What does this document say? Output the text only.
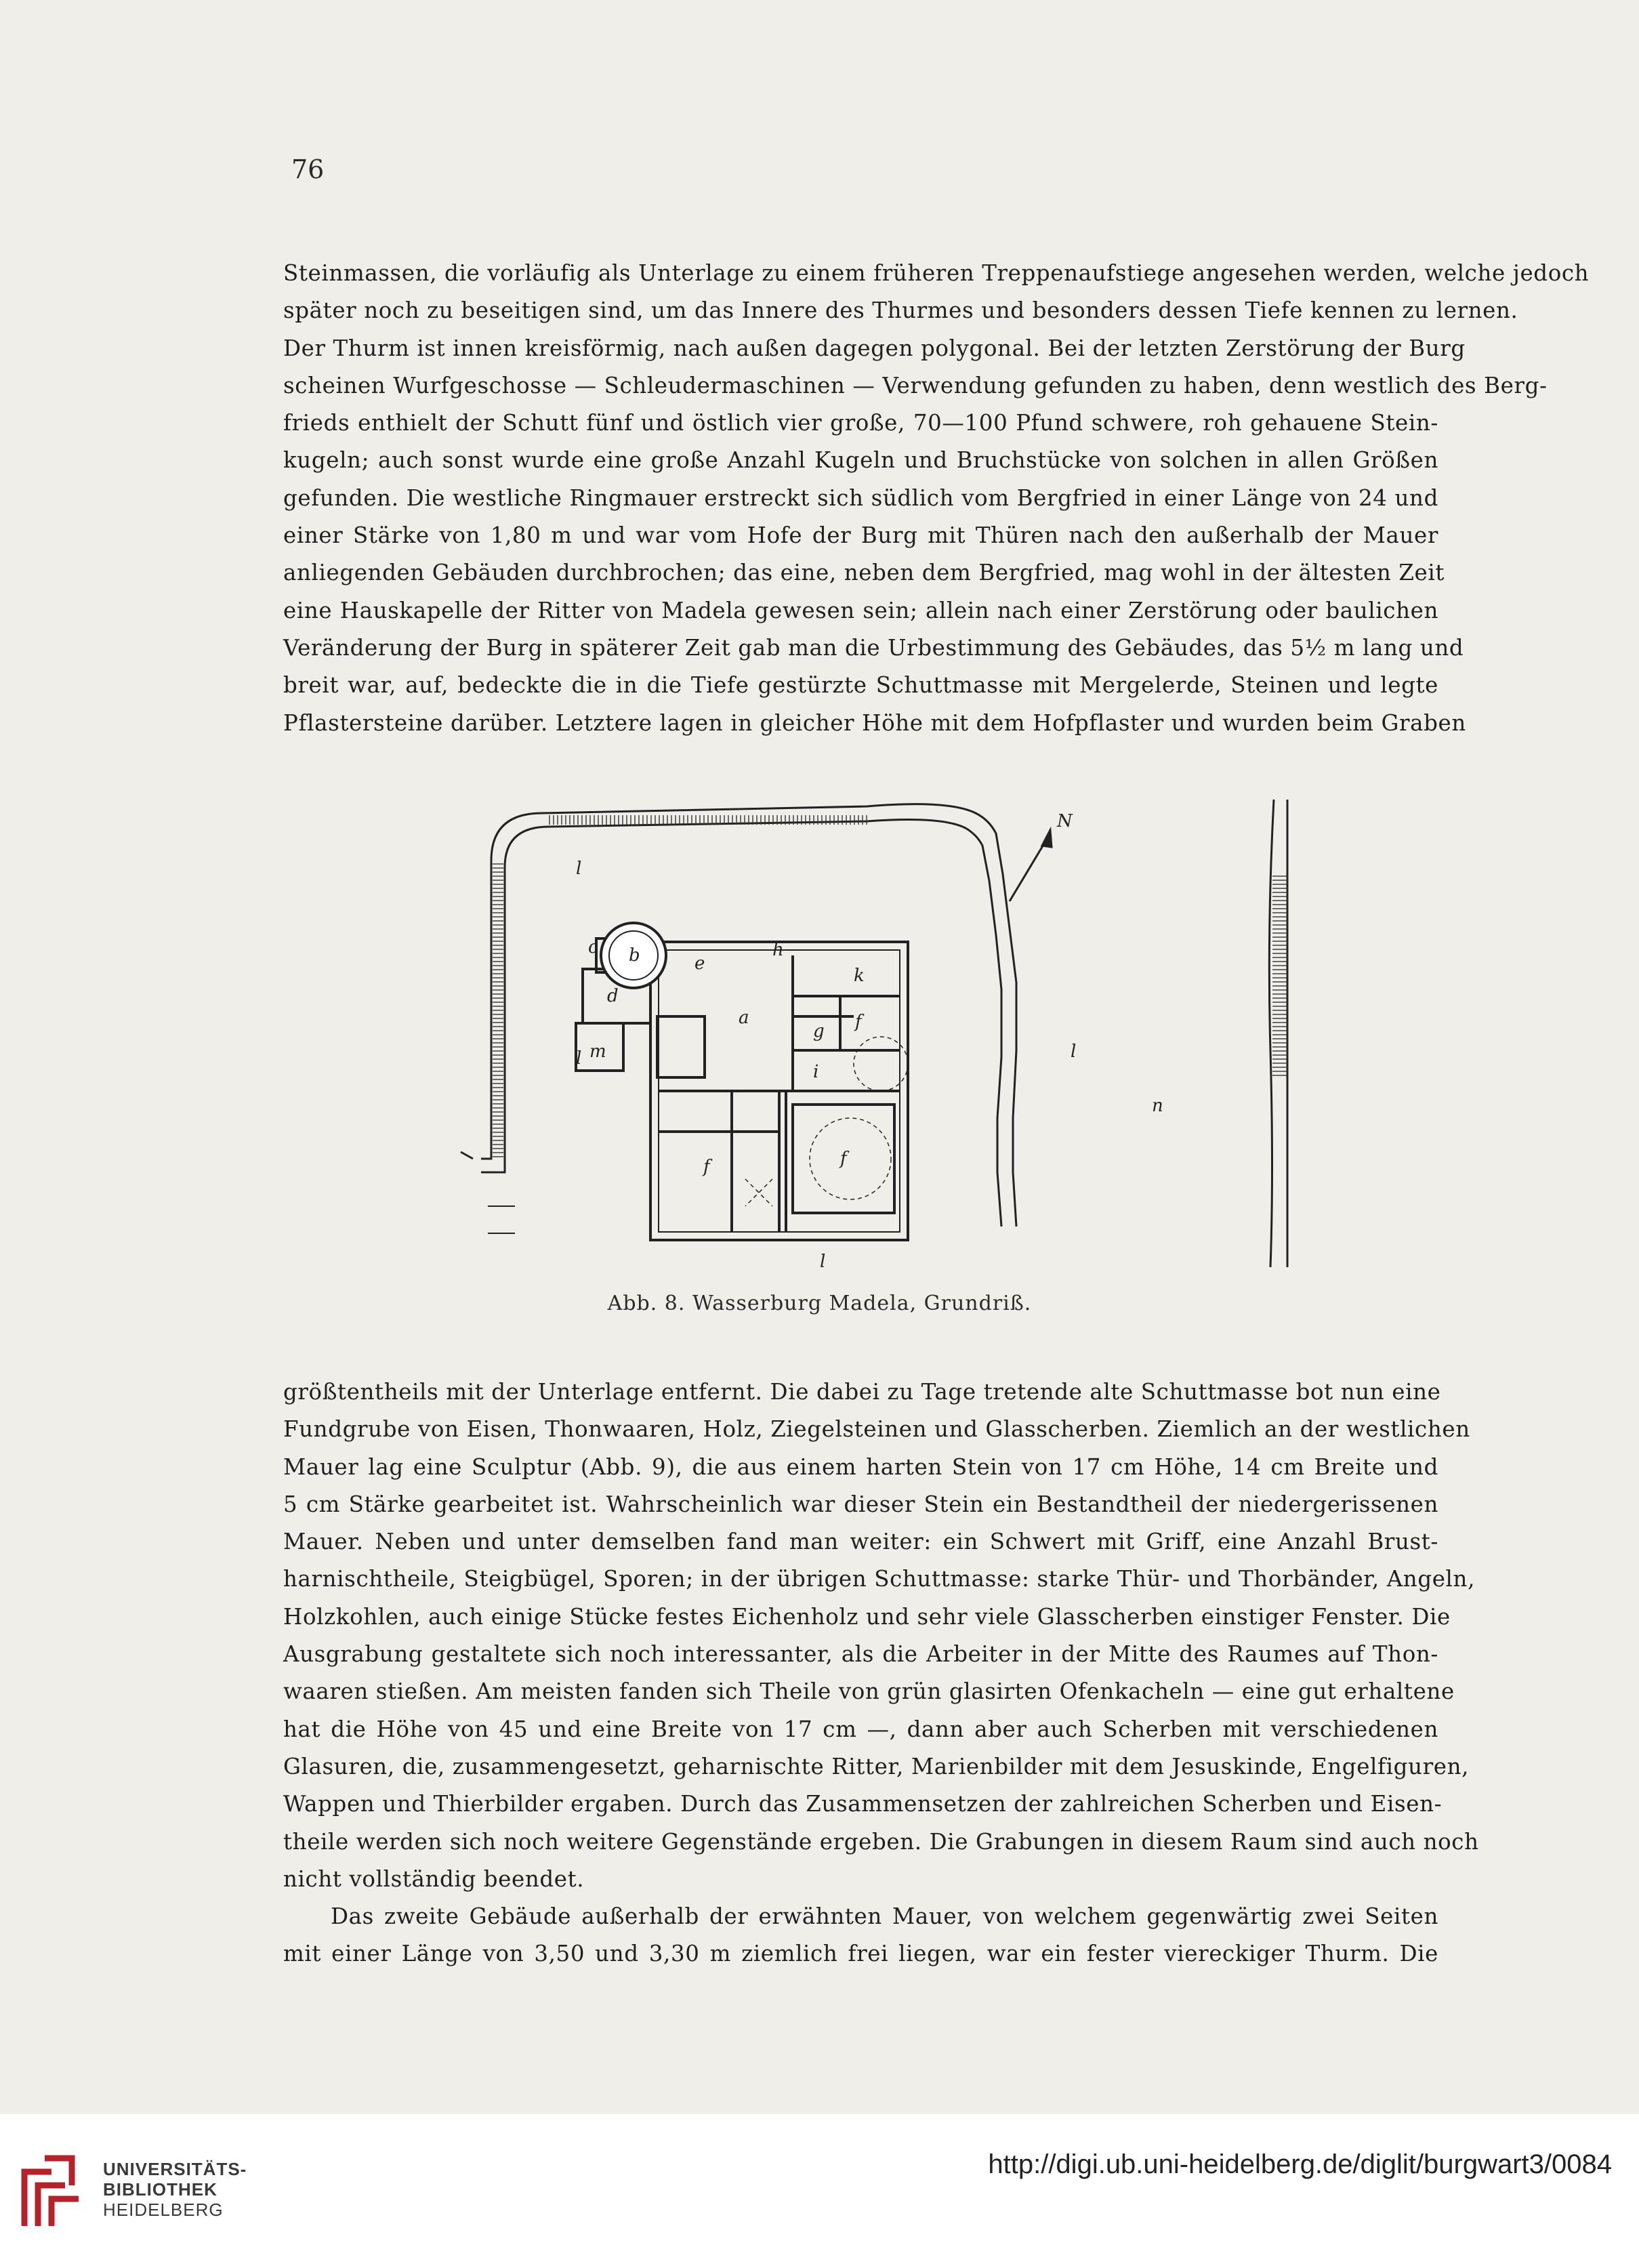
76
Steinmassen, die vorläufig als Unterlage zu einem früheren Treppenaufstiege angesehen werden, welche jedoch
später noch zu beseitigen sind, um das Innere des Thurmes und besonders dessen Tiefe kennen zu lernen.
Der Thurm ist innen kreisförmig, nach außen dagegen polygonal. Bei der letzten Zerstörung der Burg
scheinen Wurfgeschosse — Schleudermaschinen — Verwendung gefunden zu haben, denn westlich des Berg-
frieds enthielt der Schutt fünf und östlich vier große, 70—100 Pfund schwere, roh gehauene Stein-
kugeln; auch sonst wurde eine große Anzahl Kugeln und Bruchstücke von solchen in allen Größen
gefunden. Die westliche Ringmauer erstreckt sich südlich vom Bergfried in einer Länge von 24 und
einer Stärke von 1,80 m und war vom Hofe der Burg mit Thüren nach den außerhalb der Mauer
anliegenden Gebäuden durchbrochen; das eine, neben dem Bergfried, mag wohl in der ältesten Zeit
eine Hauskapelle der Ritter von Madela gewesen sein; allein nach einer Zerstörung oder baulichen
Veränderung der Burg in späterer Zeit gab man die Urbestimmung des Gebäudes, das 5½ m lang und
breit war, auf, bedeckte die in die Tiefe gestürzte Schuttmasse mit Mergelerde, Steinen und legte
Pflastersteine darüber. Letztere lagen in gleicher Höhe mit dem Hofpflaster und wurden beim Graben
l
l	l
l
a
b
c
d
e
f	f
g
h
i
k
m
n
f
N
Abb. 8. Wasserburg Madela, Grundriß.
größtentheils mit der Unterlage entfernt. Die dabei zu Tage tretende alte Schuttmasse bot nun eine
Fundgrube von Eisen, Thonwaaren, Holz, Ziegelsteinen und Glasscherben. Ziemlich an der westlichen
Mauer lag eine Sculptur (Abb. 9), die aus einem harten Stein von 17 cm Höhe, 14 cm Breite und
5 cm Stärke gearbeitet ist. Wahrscheinlich war dieser Stein ein Bestandtheil der niedergerissenen
Mauer. Neben und unter demselben fand man weiter: ein Schwert mit Griff, eine Anzahl Brust-
harnischtheile, Steigbügel, Sporen; in der übrigen Schuttmasse: starke Thür- und Thorbänder, Angeln,
Holzkohlen, auch einige Stücke festes Eichenholz und sehr viele Glasscherben einstiger Fenster. Die
Ausgrabung gestaltete sich noch interessanter, als die Arbeiter in der Mitte des Raumes auf Thon-
waaren stießen. Am meisten fanden sich Theile von grün glasirten Ofenkacheln — eine gut erhaltene
hat die Höhe von 45 und eine Breite von 17 cm —, dann aber auch Scherben mit verschiedenen
Glasuren, die, zusammengesetzt, geharnischte Ritter, Marienbilder mit dem Jesuskinde, Engelfiguren,
Wappen und Thierbilder ergaben. Durch das Zusammensetzen der zahlreichen Scherben und Eisen-
theile werden sich noch weitere Gegenstände ergeben. Die Grabungen in diesem Raum sind auch noch
nicht vollständig beendet.
Das zweite Gebäude außerhalb der erwähnten Mauer, von welchem gegenwärtig zwei Seiten
mit einer Länge von 3,50 und 3,30 m ziemlich frei liegen, war ein fester viereckiger Thurm. Die
UNIVERSITÄTS-
BIBLIOTHEK
HEIDELBERG
http://digi.ub.uni-heidelberg.de/diglit/burgwart3/0084
